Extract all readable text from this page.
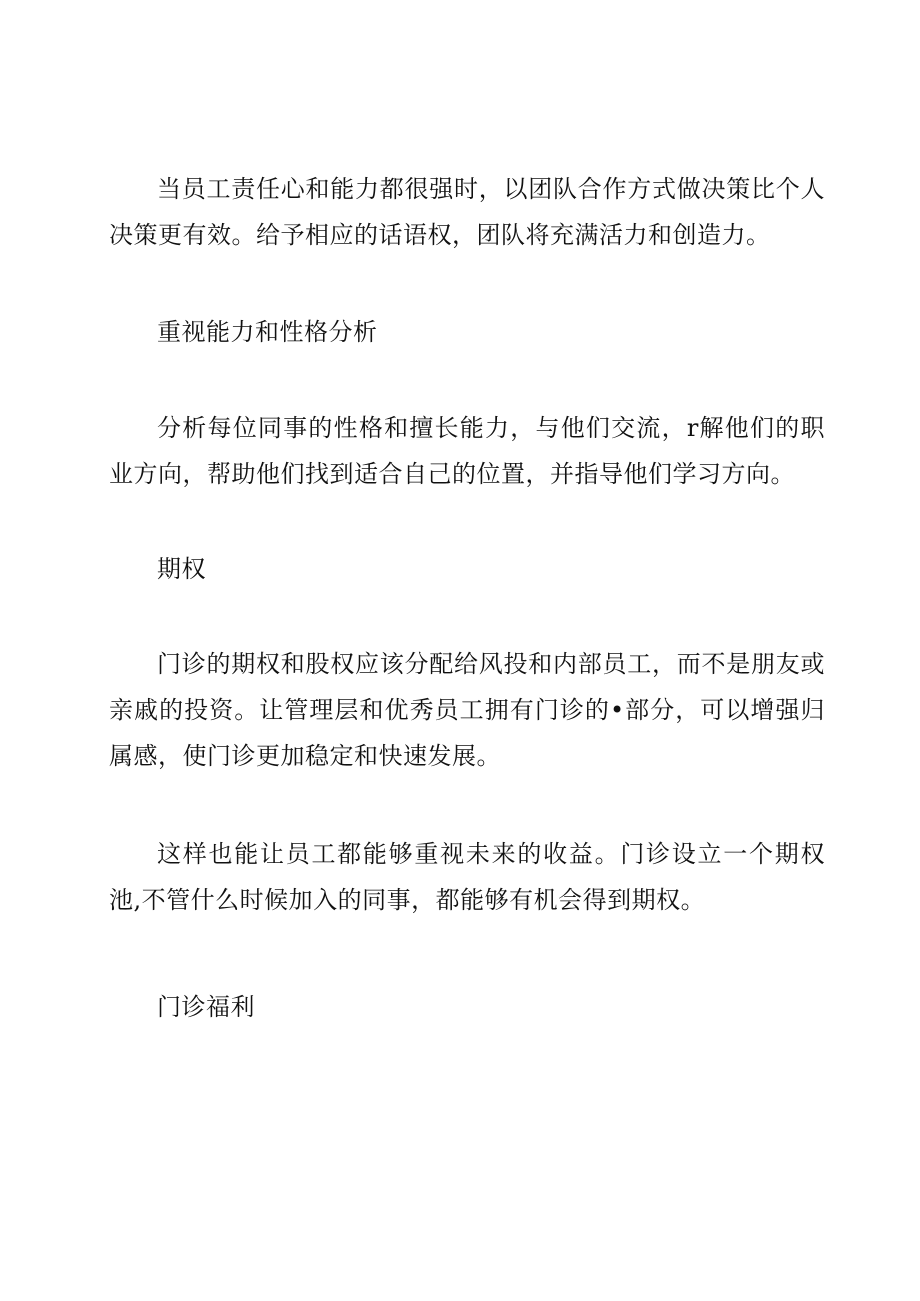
当员工责任心和能力都很强时，以团队合作方式做决策比个人决策更有效。给予相应的话语权，团队将充满活力和创造力。

重视能力和性格分析

分析每位同事的性格和擅长能力，与他们交流，r解他们的职业方向，帮助他们找到适合自己的位置，并指导他们学习方向。

期权

门诊的期权和股权应该分配给风投和内部员工，而不是朋友或亲戚的投资。让管理层和优秀员工拥有门诊的•部分，可以增强归属感，使门诊更加稳定和快速发展。

这样也能让员工都能够重视未来的收益。门诊设立一个期权池,不管什么时候加入的同事，都能够有机会得到期权。

门诊福利
